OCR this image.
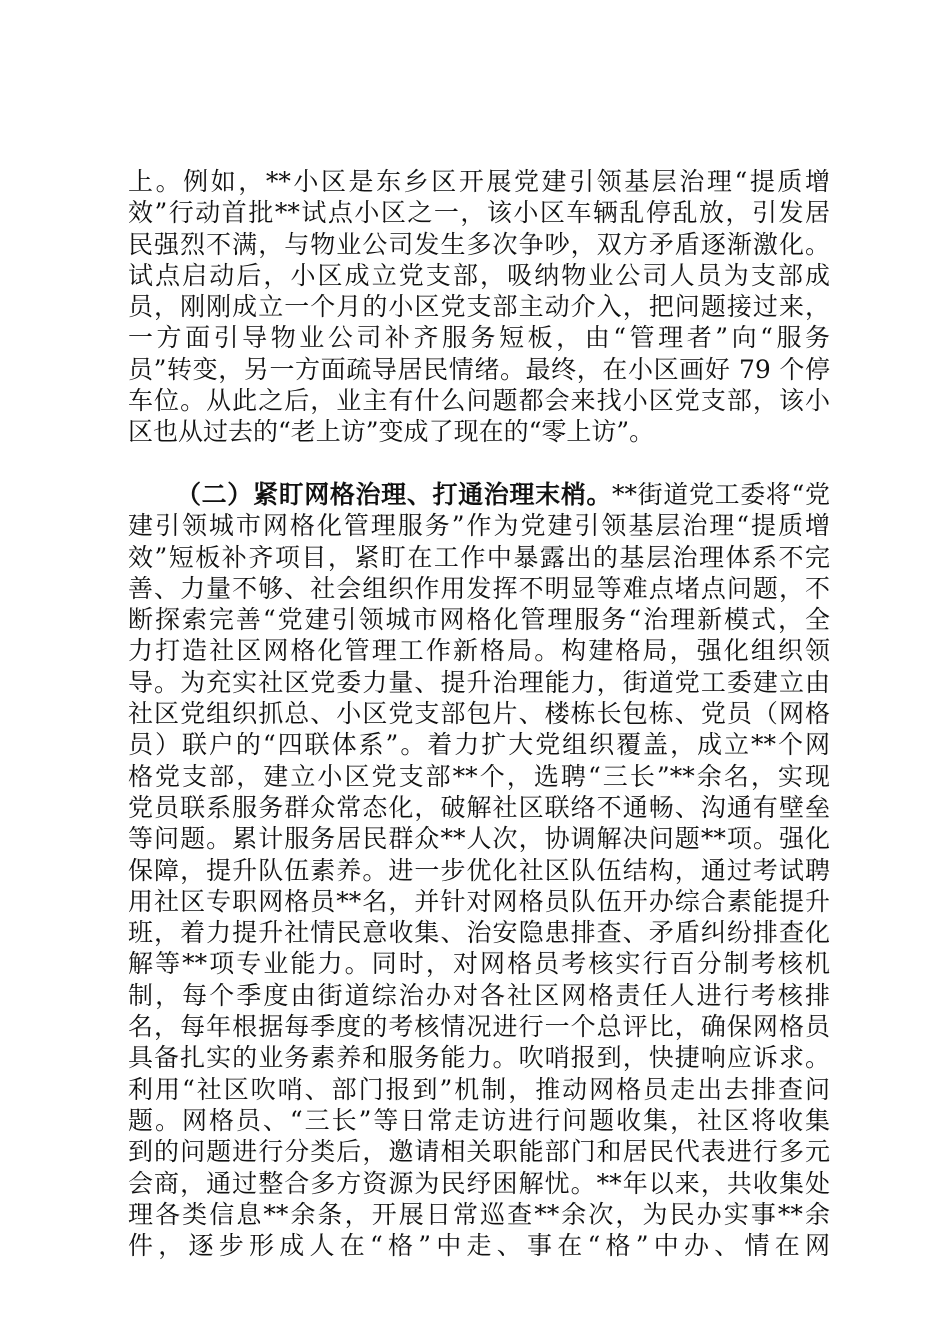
上。例如，**小区是东乡区开展党建引领基层治理“提质增
效”行动首批**试点小区之一，该小区车辆乱停乱放，引发居
民强烈不满，与物业公司发生多次争吵，双方矛盾逐渐激化。
试点启动后，小区成立党支部，吸纳物业公司人员为支部成
员，刚刚成立一个月的小区党支部主动介入，把问题接过来，
一方面引导物业公司补齐服务短板，由“管理者”向“服务
员”转变，另一方面疏导居民情绪。最终，在小区画好 79 个停
车位。从此之后，业主有什么问题都会来找小区党支部，该小
区也从过去的“老上访”变成了现在的“零上访”。
（二）紧盯网格治理、打通治理末梢。**街道党工委将“党
建引领城市网格化管理服务”作为党建引领基层治理“提质增
效”短板补齐项目，紧盯在工作中暴露出的基层治理体系不完
善、力量不够、社会组织作用发挥不明显等难点堵点问题，不
断探索完善“党建引领城市网格化管理服务“治理新模式，全
力打造社区网格化管理工作新格局。构建格局，强化组织领
导。为充实社区党委力量、提升治理能力，街道党工委建立由
社区党组织抓总、小区党支部包片、楼栋长包栋、党员（网格
员）联户的“四联体系”。着力扩大党组织覆盖，成立**个网
格党支部，建立小区党支部**个，选聘“三长”**余名，实现
党员联系服务群众常态化，破解社区联络不通畅、沟通有壁垒
等问题。累计服务居民群众**人次，协调解决问题**项。强化
保障，提升队伍素养。进一步优化社区队伍结构，通过考试聘
用社区专职网格员**名，并针对网格员队伍开办综合素能提升
班，着力提升社情民意收集、治安隐患排查、矛盾纠纷排查化
解等**项专业能力。同时，对网格员考核实行百分制考核机
制，每个季度由街道综治办对各社区网格责任人进行考核排
名，每年根据每季度的考核情况进行一个总评比，确保网格员
具备扎实的业务素养和服务能力。吹哨报到，快捷响应诉求。
利用“社区吹哨、部门报到”机制，推动网格员走出去排查问
题。网格员、“三长”等日常走访进行问题收集，社区将收集
到的问题进行分类后，邀请相关职能部门和居民代表进行多元
会商，通过整合多方资源为民纾困解忧。**年以来，共收集处
理各类信息**余条，开展日常巡查**余次，为民办实事**余
件，逐步形成人在“格”中走、事在“格”中办、情在网
